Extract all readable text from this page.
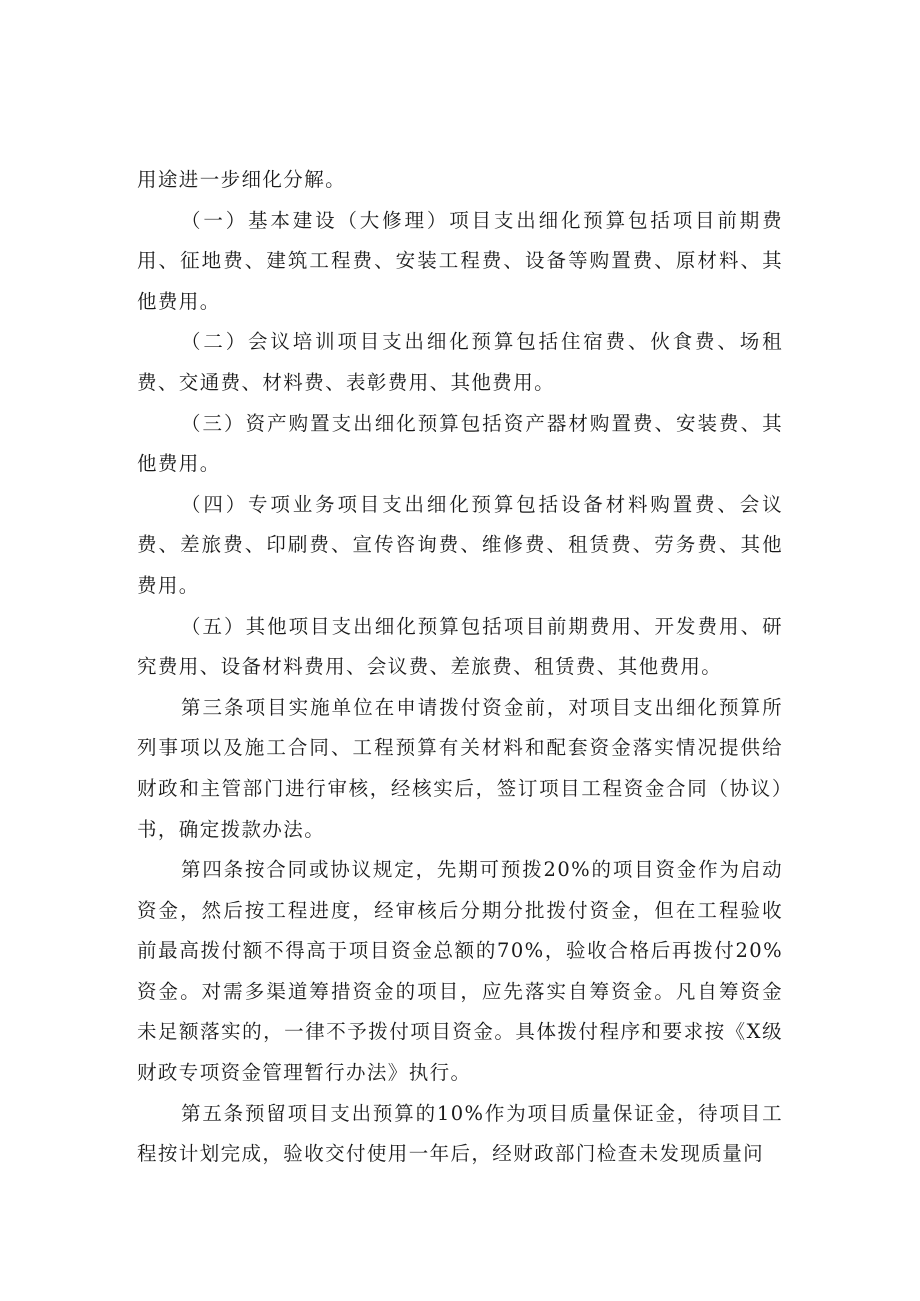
用途进一步细化分解。

（一）基本建设（大修理）项目支出细化预算包括项目前期费用、征地费、建筑工程费、安装工程费、设备等购置费、原材料、其他费用。

（二）会议培训项目支出细化预算包括住宿费、伙食费、场租费、交通费、材料费、表彰费用、其他费用。

（三）资产购置支出细化预算包括资产器材购置费、安装费、其他费用。

（四）专项业务项目支出细化预算包括设备材料购置费、会议费、差旅费、印刷费、宣传咨询费、维修费、租赁费、劳务费、其他费用。

（五）其他项目支出细化预算包括项目前期费用、开发费用、研究费用、设备材料费用、会议费、差旅费、租赁费、其他费用。

第三条项目实施单位在申请拨付资金前，对项目支出细化预算所列事项以及施工合同、工程预算有关材料和配套资金落实情况提供给财政和主管部门进行审核，经核实后，签订项目工程资金合同（协议）书，确定拨款办法。

第四条按合同或协议规定，先期可预拨20%的项目资金作为启动资金，然后按工程进度，经审核后分期分批拨付资金，但在工程验收前最高拨付额不得高于项目资金总额的70%，验收合格后再拨付20%资金。对需多渠道筹措资金的项目，应先落实自筹资金。凡自筹资金未足额落实的，一律不予拨付项目资金。具体拨付程序和要求按《X级财政专项资金管理暂行办法》执行。

第五条预留项目支出预算的10%作为项目质量保证金，待项目工程按计划完成，验收交付使用一年后，经财政部门检查未发现质量问
